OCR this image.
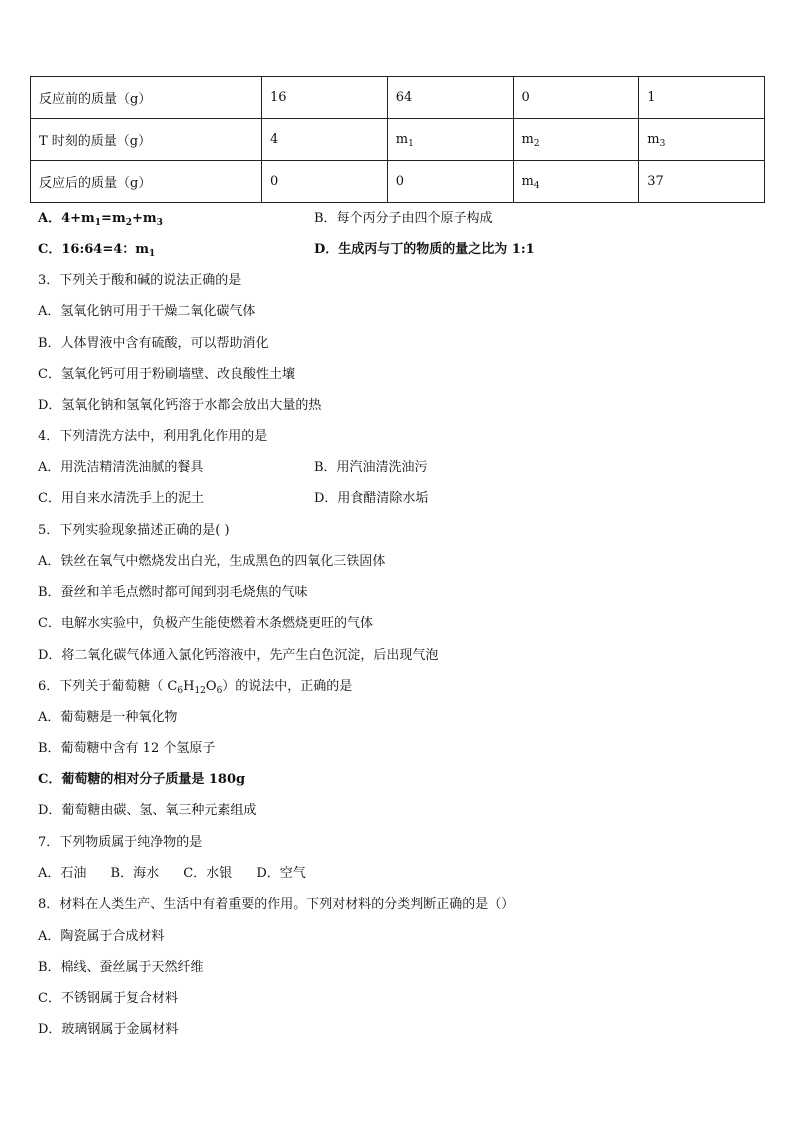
反应前的质量（g）	16	64	0	1
T 时刻的质量（g）	4	$m_1$	$m_2$	$m_3$
反应后的质量（g）	0	0	$m_4$	37
A．$4+m_1=m_2+m_3$	B．每个丙分子由四个原子构成
C．16:64=4：$m_1$	D．生成丙与丁的物质的量之比为 1:1
3．下列关于酸和碱的说法正确的是
A．氢氧化钠可用于干燥二氧化碳气体
B．人体胃液中含有硫酸，可以帮助消化
C．氢氧化钙可用于粉刷墙壁、改良酸性土壤
D．氢氧化钠和氢氧化钙溶于水都会放出大量的热
4．下列清洗方法中，利用乳化作用的是
A．用洗洁精清洗油腻的餐具	B．用汽油清洗油污
C．用自来水清洗手上的泥土	D．用食醋清除水垢
5．下列实验现象描述正确的是( )
A．铁丝在氧气中燃烧发出白光，生成黑色的四氧化三铁固体
B．蚕丝和羊毛点燃时都可闻到羽毛烧焦的气味
C．电解水实验中，负极产生能使燃着木条燃烧更旺的气体
D．将二氧化碳气体通入氯化钙溶液中，先产生白色沉淀，后出现气泡
6．下列关于葡萄糖（ $C_6H_{12}O_6$）的说法中，正确的是
A．葡萄糖是一种氧化物
B．葡萄糖中含有 12 个氢原子
C．葡萄糖的相对分子质量是 180g
D．葡萄糖由碳、氢、氧三种元素组成
7．下列物质属于纯净物的是
A．石油 B．海水 C．水银 D．空气
8．材料在人类生产、生活中有着重要的作用。下列对材料的分类判断正确的是（）
A．陶瓷属于合成材料
B．棉线、蚕丝属于天然纤维
C．不锈钢属于复合材料
D．玻璃钢属于金属材料
